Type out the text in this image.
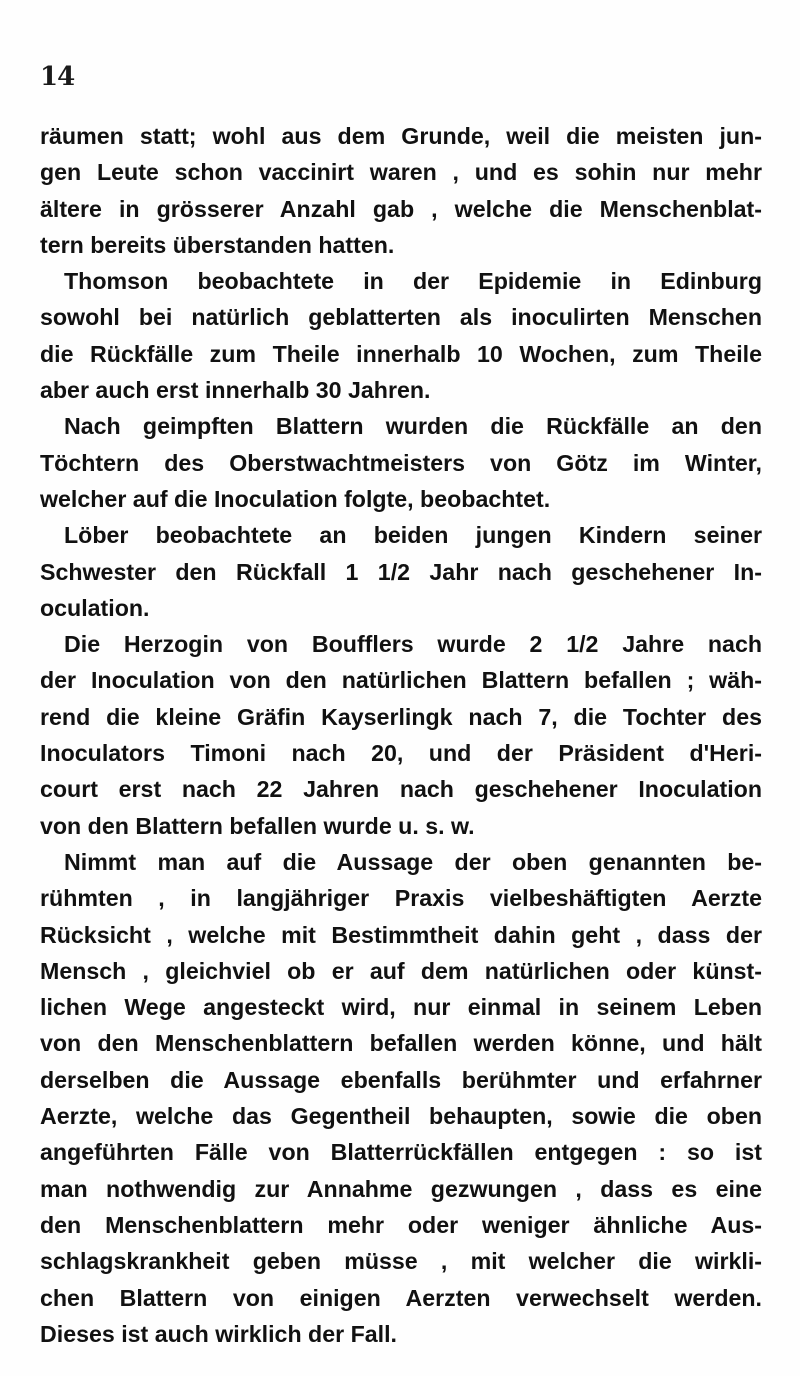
14
räumen statt; wohl aus dem Grunde, weil die meisten jun-
gen Leute schon vaccinirt waren , und es sohin nur mehr
ältere in grösserer Anzahl gab , welche die Menschenblat-
tern bereits überstanden hatten.
Thomson beobachtete in der Epidemie in Edinburg
sowohl bei natürlich geblatterten als inoculirten Menschen
die Rückfälle zum Theile innerhalb 10 Wochen, zum Theile
aber auch erst innerhalb 30 Jahren.
Nach geimpften Blattern wurden die Rückfälle an den
Töchtern des Oberstwachtmeisters von Götz im Winter,
welcher auf die Inoculation folgte, beobachtet.
Löber beobachtete an beiden jungen Kindern seiner
Schwester den Rückfall 1 1/2 Jahr nach geschehener In-
oculation.
Die Herzogin von Boufflers wurde 2 1/2 Jahre nach
der Inoculation von den natürlichen Blattern befallen ; wäh-
rend die kleine Gräfin Kayserlingk nach 7, die Tochter des
Inoculators Timoni nach 20, und der Präsident d'Heri-
court erst nach 22 Jahren nach geschehener Inoculation
von den Blattern befallen wurde u. s. w.
Nimmt man auf die Aussage der oben genannten be-
rühmten , in langjähriger Praxis vielbeshäftigten Aerzte
Rücksicht , welche mit Bestimmtheit dahin geht , dass der
Mensch , gleichviel ob er auf dem natürlichen oder künst-
lichen Wege angesteckt wird, nur einmal in seinem Leben
von den Menschenblattern befallen werden könne, und hält
derselben die Aussage ebenfalls berühmter und erfahrner
Aerzte, welche das Gegentheil behaupten, sowie die oben
angeführten Fälle von Blatterrückfällen entgegen : so ist
man nothwendig zur Annahme gezwungen , dass es eine
den Menschenblattern mehr oder weniger ähnliche Aus-
schlagskrankheit geben müsse , mit welcher die wirkli-
chen Blattern von einigen Aerzten verwechselt werden.
Dieses ist auch wirklich der Fall.
